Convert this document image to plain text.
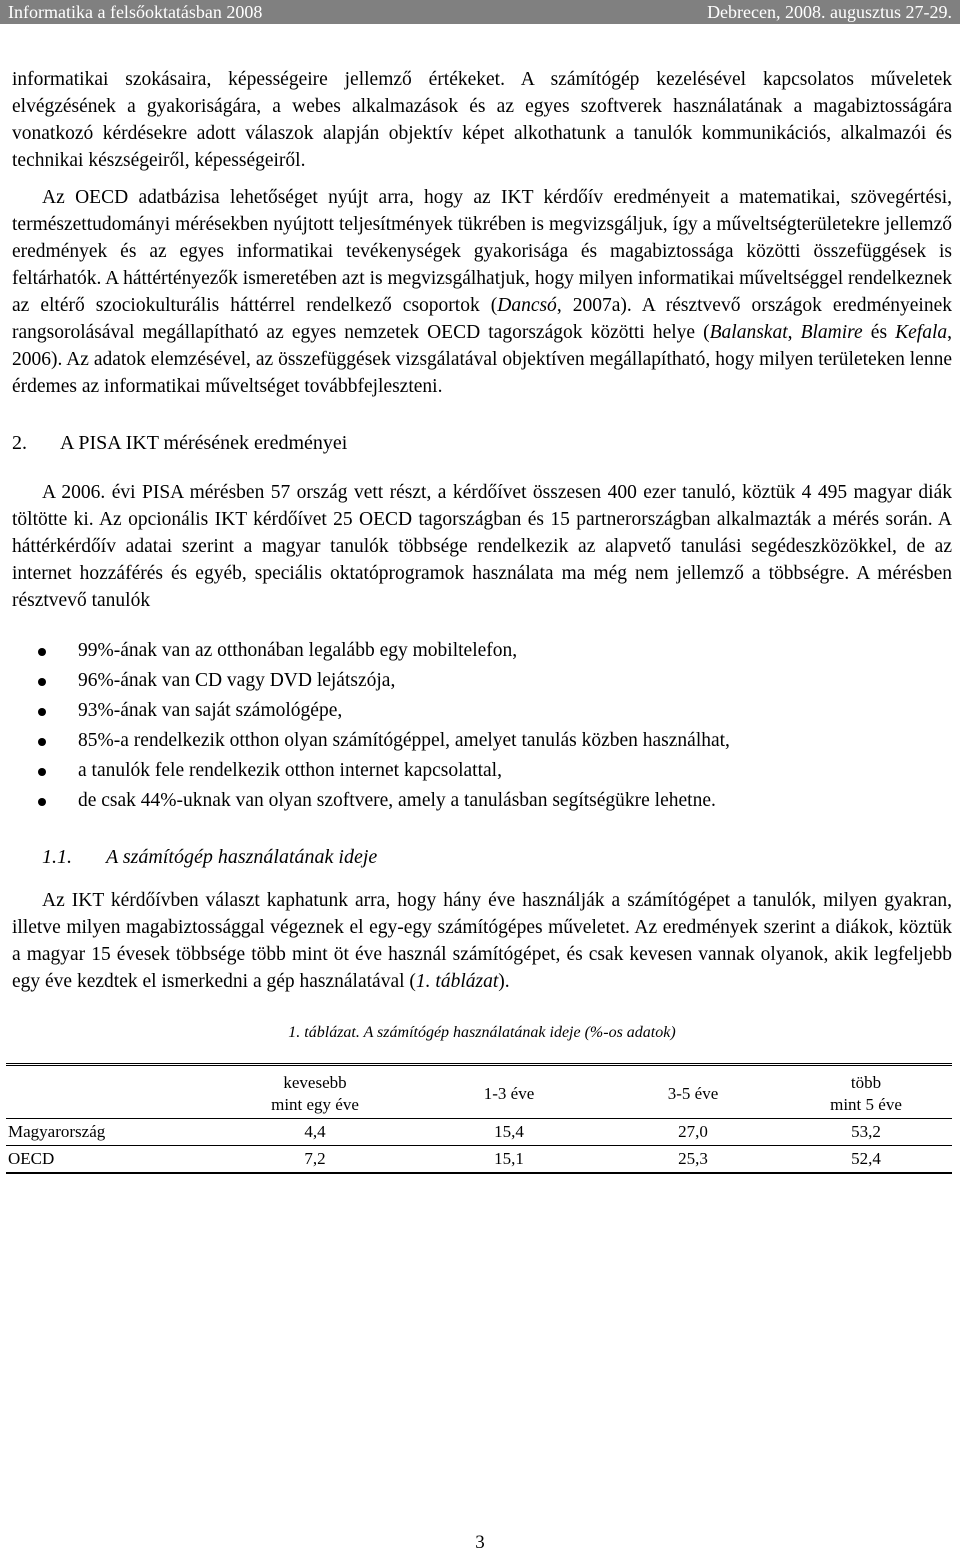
Informatika a felsőoktatásban 2008	Debrecen, 2008. augusztus 27-29.

informatikai szokásaira, képességeire jellemző értékeket. A számítógép kezelésével kapcsolatos műveletek elvégzésének a gyakoriságára, a webes alkalmazások és az egyes szoftverek használatának a magabiztosságára vonatkozó kérdésekre adott válaszok alapján objektív képet alkothatunk a tanulók kommunikációs, alkalmazói és technikai készségeiről, képességeiről.

Az OECD adatbázisa lehetőséget nyújt arra, hogy az IKT kérdőív eredményeit a matematikai, szövegértési, természettudományi mérésekben nyújtott teljesítmények tükrében is megvizsgáljuk, így a műveltségterületekre jellemző eredmények és az egyes informatikai tevékenységek gyakorisága és magabiztossága közötti összefüggések is feltárhatók. A háttértényezők ismeretében azt is megvizsgálhatjuk, hogy milyen informatikai műveltséggel rendelkeznek az eltérő szociokulturális háttérrel rendelkező csoportok (Dancsó, 2007a). A résztvevő országok eredményeinek rangsorolásával megállapítható az egyes nemzetek OECD tagországok közötti helye (Balanskat, Blamire és Kefala, 2006). Az adatok elemzésével, az összefüggések vizsgálatával objektíven megállapítható, hogy milyen területeken lenne érdemes az informatikai műveltséget továbbfejleszteni.

2. A PISA IKT mérésének eredményei

A 2006. évi PISA mérésben 57 ország vett részt, a kérdőívet összesen 400 ezer tanuló, köztük 4 495 magyar diák töltötte ki. Az opcionális IKT kérdőívet 25 OECD tagországban és 15 partnerországban alkalmazták a mérés során. A háttérkérdőív adatai szerint a magyar tanulók többsége rendelkezik az alapvető tanulási segédeszközökkel, de az internet hozzáférés és egyéb, speciális oktatóprogramok használata ma még nem jellemző a többségre. A mérésben résztvevő tanulók

99%-ának van az otthonában legalább egy mobiltelefon,
96%-ának van CD vagy DVD lejátszója,
93%-ának van saját számológépe,
85%-a rendelkezik otthon olyan számítógéppel, amelyet tanulás közben használhat,
a tanulók fele rendelkezik otthon internet kapcsolattal,
de csak 44%-uknak van olyan szoftvere, amely a tanulásban segítségükre lehetne.
1.1. A számítógép használatának ideje

Az IKT kérdőívben választ kaphatunk arra, hogy hány éve használják a számítógépet a tanulók, milyen gyakran, illetve milyen magabiztossággal végeznek el egy-egy számítógépes műveletet. Az eredmények szerint a diákok, köztük a magyar 15 évesek többsége több mint öt éve használ számítógépet, és csak kevesen vannak olyanok, akik legfeljebb egy éve kezdtek el ismerkedni a gép használatával (1. táblázat).

1. táblázat. A számítógép használatának ideje (%-os adatok)
	kevesebb
mint egy éve	1-3 éve	3-5 éve	több
mint 5 éve
Magyarország	4,4	15,4	27,0	53,2
OECD	7,2	15,1	25,3	52,4
3
